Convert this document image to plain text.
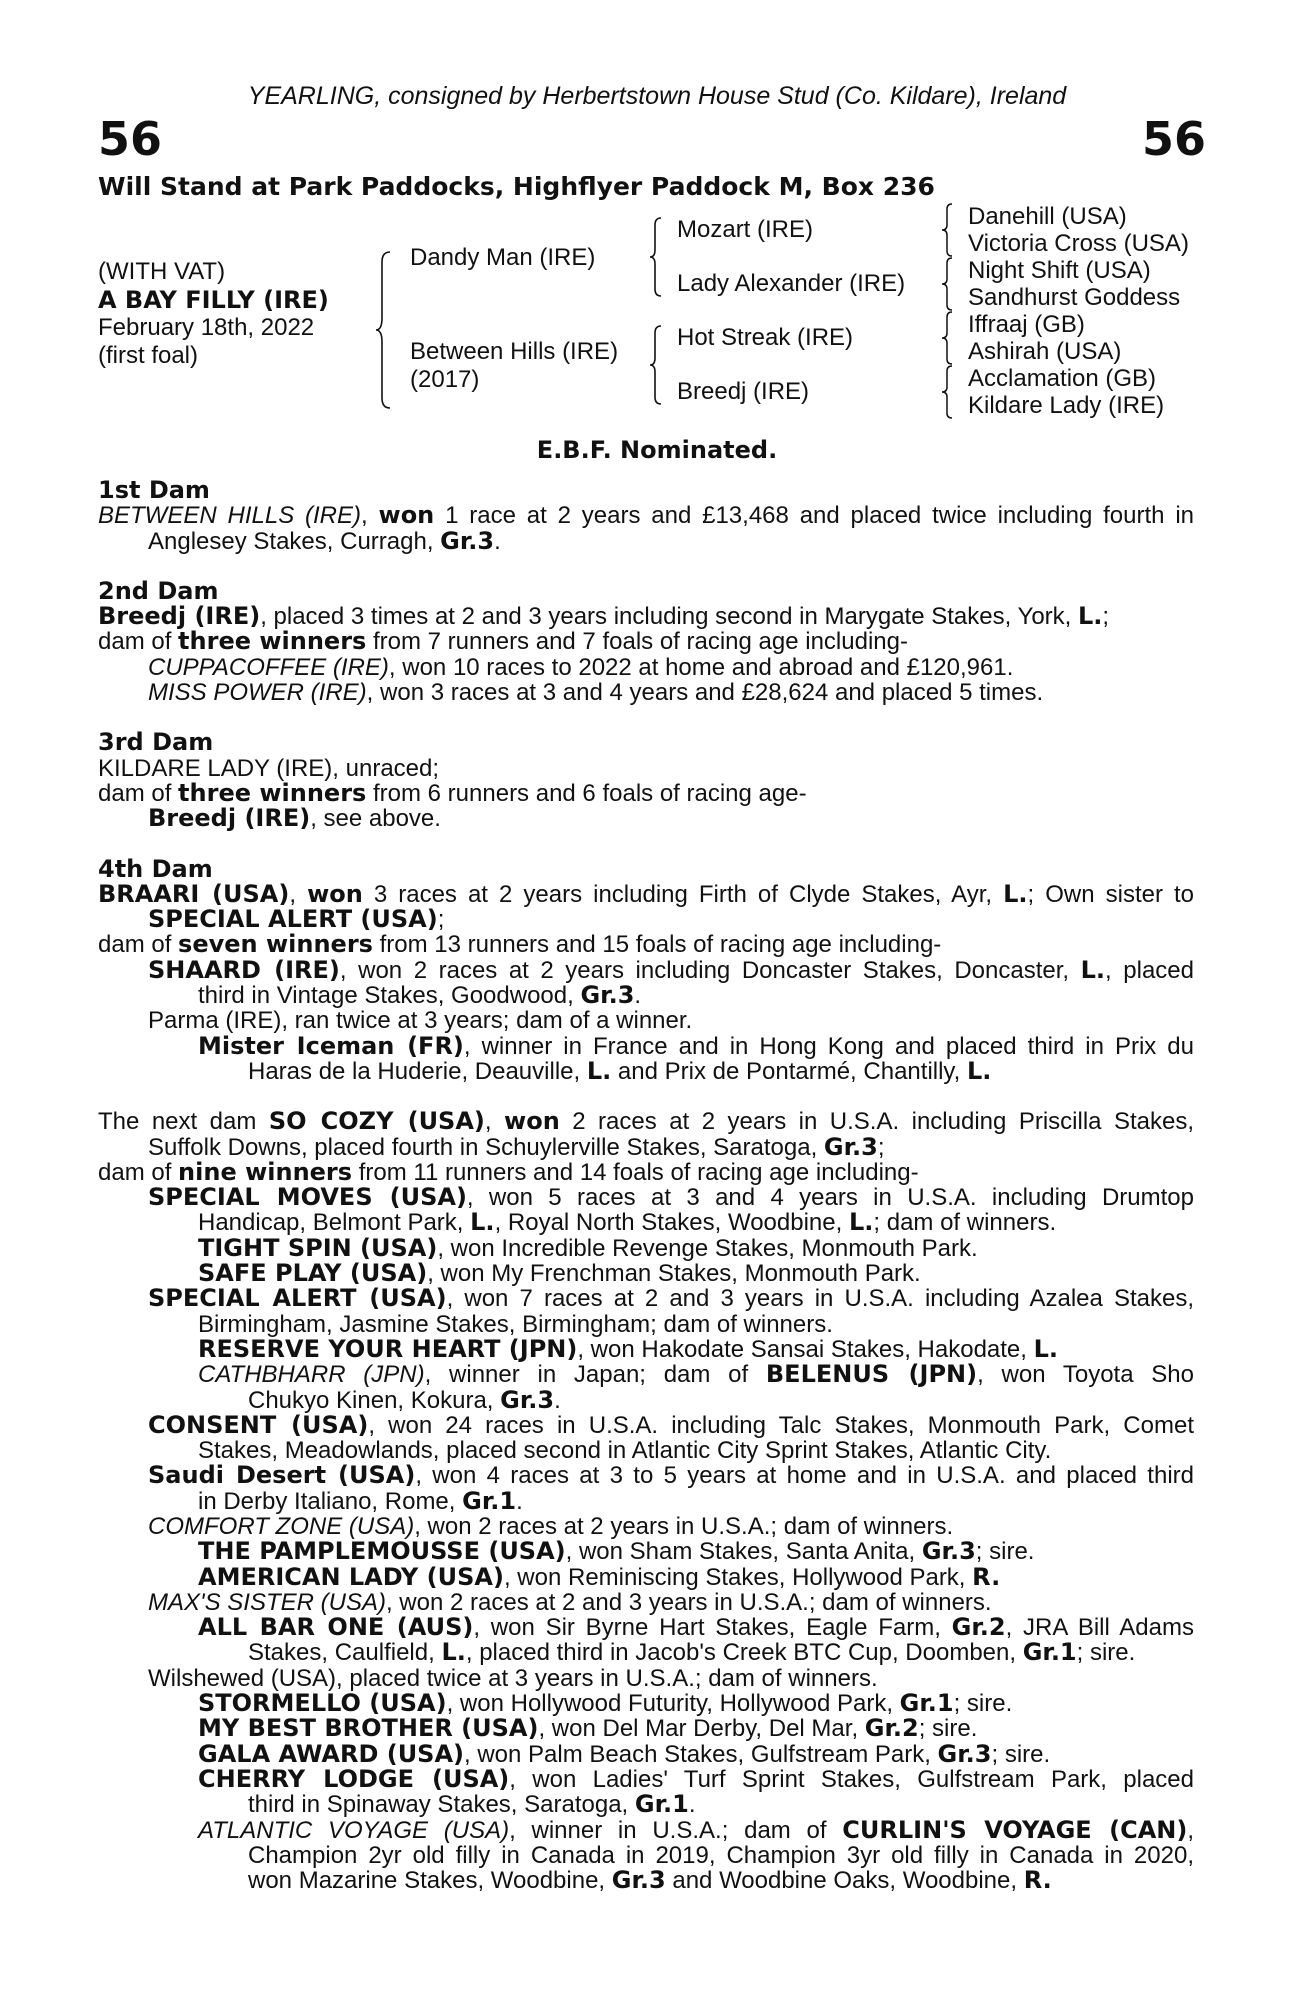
YEARLING, consigned by Herbertstown House Stud (Co. Kildare), Ireland
56	56
Will Stand at Park Paddocks, Highflyer Paddock M, Box 236
(WITH VAT)
A BAY FILLY (IRE)
February 18th, 2022
(first foal)
Dandy Man (IRE)
Between Hills (IRE)
(2017)
Mozart (IRE)
Lady Alexander (IRE)
Hot Streak (IRE)
Breedj (IRE)
Danehill (USA)
Victoria Cross (USA)
Night Shift (USA)
Sandhurst Goddess
Iffraaj (GB)
Ashirah (USA)
Acclamation (GB)
Kildare Lady (IRE)
E.B.F. Nominated.
1st Dam
BETWEEN HILLS (IRE), won 1 race at 2 years and £13,468 and placed twice including fourth in
Anglesey Stakes, Curragh, Gr.3.
2nd Dam
Breedj (IRE), placed 3 times at 2 and 3 years including second in Marygate Stakes, York, L.;
dam of three winners from 7 runners and 7 foals of racing age including-
CUPPACOFFEE (IRE), won 10 races to 2022 at home and abroad and £120,961.
MISS POWER (IRE), won 3 races at 3 and 4 years and £28,624 and placed 5 times.
3rd Dam
KILDARE LADY (IRE), unraced;
dam of three winners from 6 runners and 6 foals of racing age-
Breedj (IRE), see above.
4th Dam
BRAARI (USA), won 3 races at 2 years including Firth of Clyde Stakes, Ayr, L.; Own sister to
SPECIAL ALERT (USA);
dam of seven winners from 13 runners and 15 foals of racing age including-
SHAARD (IRE), won 2 races at 2 years including Doncaster Stakes, Doncaster, L., placed
third in Vintage Stakes, Goodwood, Gr.3.
Parma (IRE), ran twice at 3 years; dam of a winner.
Mister Iceman (FR), winner in France and in Hong Kong and placed third in Prix du
Haras de la Huderie, Deauville, L. and Prix de Pontarmé, Chantilly, L.
The next dam SO COZY (USA), won 2 races at 2 years in U.S.A. including Priscilla Stakes,
Suffolk Downs, placed fourth in Schuylerville Stakes, Saratoga, Gr.3;
dam of nine winners from 11 runners and 14 foals of racing age including-
SPECIAL MOVES (USA), won 5 races at 3 and 4 years in U.S.A. including Drumtop
Handicap, Belmont Park, L., Royal North Stakes, Woodbine, L.; dam of winners.
TIGHT SPIN (USA), won Incredible Revenge Stakes, Monmouth Park.
SAFE PLAY (USA), won My Frenchman Stakes, Monmouth Park.
SPECIAL ALERT (USA), won 7 races at 2 and 3 years in U.S.A. including Azalea Stakes,
Birmingham, Jasmine Stakes, Birmingham; dam of winners.
RESERVE YOUR HEART (JPN), won Hakodate Sansai Stakes, Hakodate, L.
CATHBHARR (JPN), winner in Japan; dam of BELENUS (JPN), won Toyota Sho
Chukyo Kinen, Kokura, Gr.3.
CONSENT (USA), won 24 races in U.S.A. including Talc Stakes, Monmouth Park, Comet
Stakes, Meadowlands, placed second in Atlantic City Sprint Stakes, Atlantic City.
Saudi Desert (USA), won 4 races at 3 to 5 years at home and in U.S.A. and placed third
in Derby Italiano, Rome, Gr.1.
COMFORT ZONE (USA), won 2 races at 2 years in U.S.A.; dam of winners.
THE PAMPLEMOUSSE (USA), won Sham Stakes, Santa Anita, Gr.3; sire.
AMERICAN LADY (USA), won Reminiscing Stakes, Hollywood Park, R.
MAX'S SISTER (USA), won 2 races at 2 and 3 years in U.S.A.; dam of winners.
ALL BAR ONE (AUS), won Sir Byrne Hart Stakes, Eagle Farm, Gr.2, JRA Bill Adams
Stakes, Caulfield, L., placed third in Jacob's Creek BTC Cup, Doomben, Gr.1; sire.
Wilshewed (USA), placed twice at 3 years in U.S.A.; dam of winners.
STORMELLO (USA), won Hollywood Futurity, Hollywood Park, Gr.1; sire.
MY BEST BROTHER (USA), won Del Mar Derby, Del Mar, Gr.2; sire.
GALA AWARD (USA), won Palm Beach Stakes, Gulfstream Park, Gr.3; sire.
CHERRY LODGE (USA), won Ladies' Turf Sprint Stakes, Gulfstream Park, placed
third in Spinaway Stakes, Saratoga, Gr.1.
ATLANTIC VOYAGE (USA), winner in U.S.A.; dam of CURLIN'S VOYAGE (CAN),
Champion 2yr old filly in Canada in 2019, Champion 3yr old filly in Canada in 2020,
won Mazarine Stakes, Woodbine, Gr.3 and Woodbine Oaks, Woodbine, R.
